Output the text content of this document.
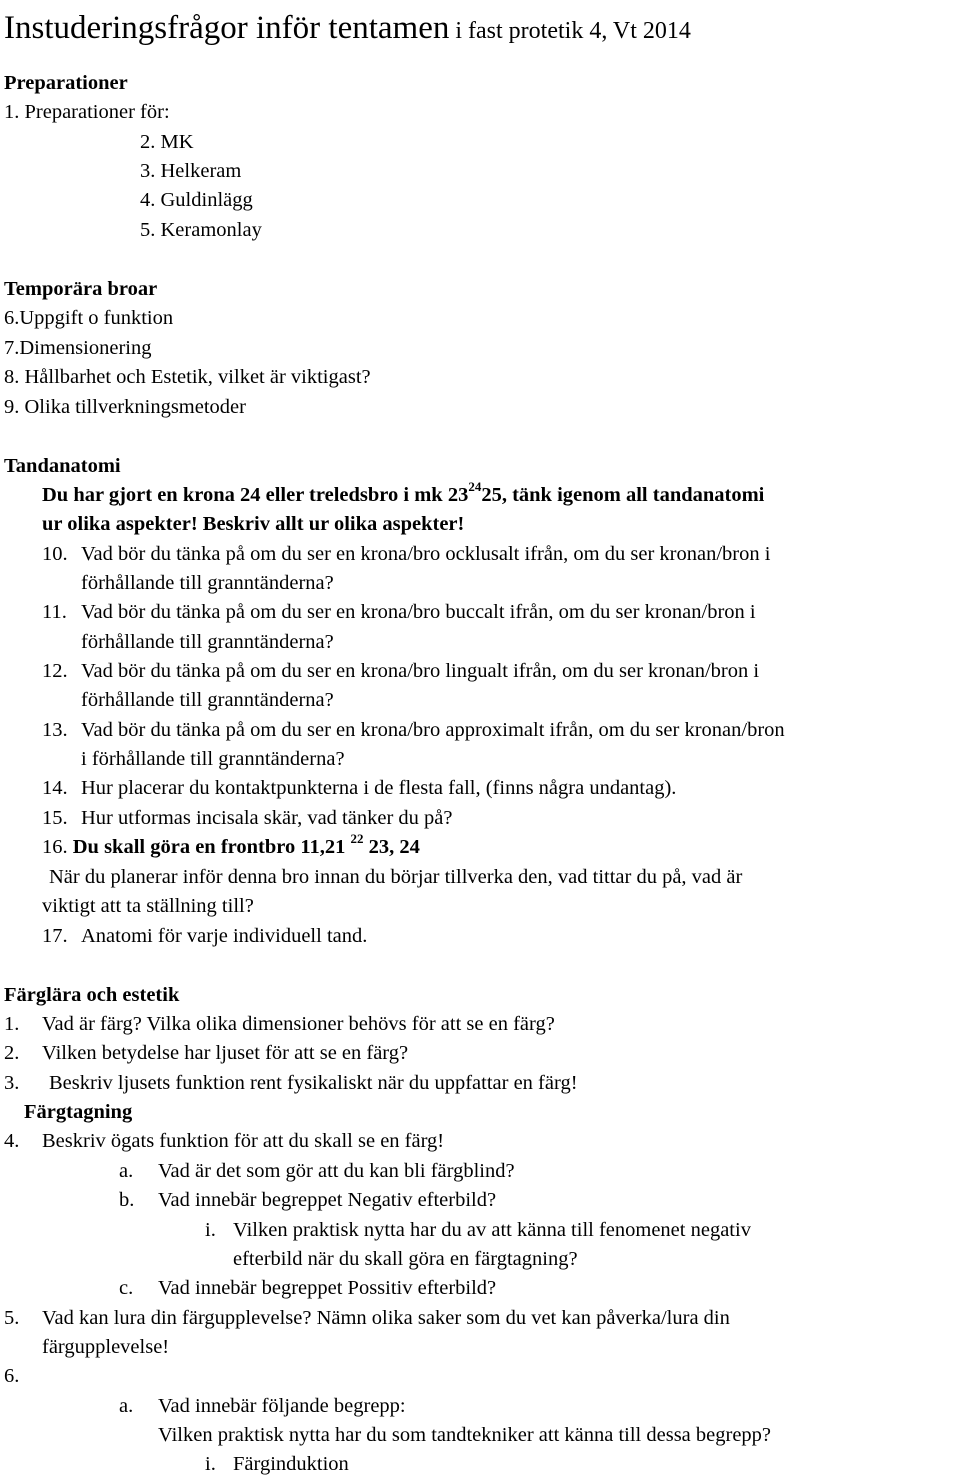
Instuderingsfrågor inför tentamen i fast protetik 4, Vt 2014
Preparationer
1. Preparationer för:
2. MK
3. Helkeram
4. Guldinlägg
5. Keramonlay
Temporära broar
6.Uppgift o funktion
7.Dimensionering
8. Hållbarhet och Estetik, vilket är viktigast?
9. Olika tillverkningsmetoder
Tandanatomi
Du har gjort en krona 24 eller treledsbro i mk $23^{24}25$, tänk igenom all tandanatomi
ur olika aspekter! Beskriv allt ur olika aspekter!
10. Vad bör du tänka på om du ser en krona/bro ocklusalt ifrån, om du ser kronan/bron i
förhållande till granntänderna?
11. Vad bör du tänka på om du ser en krona/bro buccalt ifrån, om du ser kronan/bron i
förhållande till granntänderna?
12. Vad bör du tänka på om du ser en krona/bro lingualt ifrån, om du ser kronan/bron i
förhållande till granntänderna?
13. Vad bör du tänka på om du ser en krona/bro approximalt ifrån, om du ser kronan/bron
i förhållande till granntänderna?
14. Hur placerar du kontaktpunkterna i de flesta fall, (finns några undantag).
15. Hur utformas incisala skär, vad tänker du på?
16. Du skall göra en frontbro 11,21 $^{22}$ 23, 24
När du planerar inför denna bro innan du börjar tillverka den, vad tittar du på, vad är
viktigt att ta ställning till?
17. Anatomi för varje individuell tand.
Färglära och estetik
1. Vad är färg? Vilka olika dimensioner behövs för att se en färg?
2. Vilken betydelse har ljuset för att se en färg?
3. Beskriv ljusets funktion rent fysikaliskt när du uppfattar en färg!
Färgtagning
4. Beskriv ögats funktion för att du skall se en färg!
a. Vad är det som gör att du kan bli färgblind?
b. Vad innebär begreppet Negativ efterbild?
i. Vilken praktisk nytta har du av att känna till fenomenet negativ
efterbild när du skall göra en färgtagning?
c. Vad innebär begreppet Possitiv efterbild?
5. Vad kan lura din färgupplevelse? Nämn olika saker som du vet kan påverka/lura din
färgupplevelse!
6.
a. Vad innebär följande begrepp:
Vilken praktisk nytta har du som tandtekniker att känna till dessa begrepp?
i. Färginduktion
